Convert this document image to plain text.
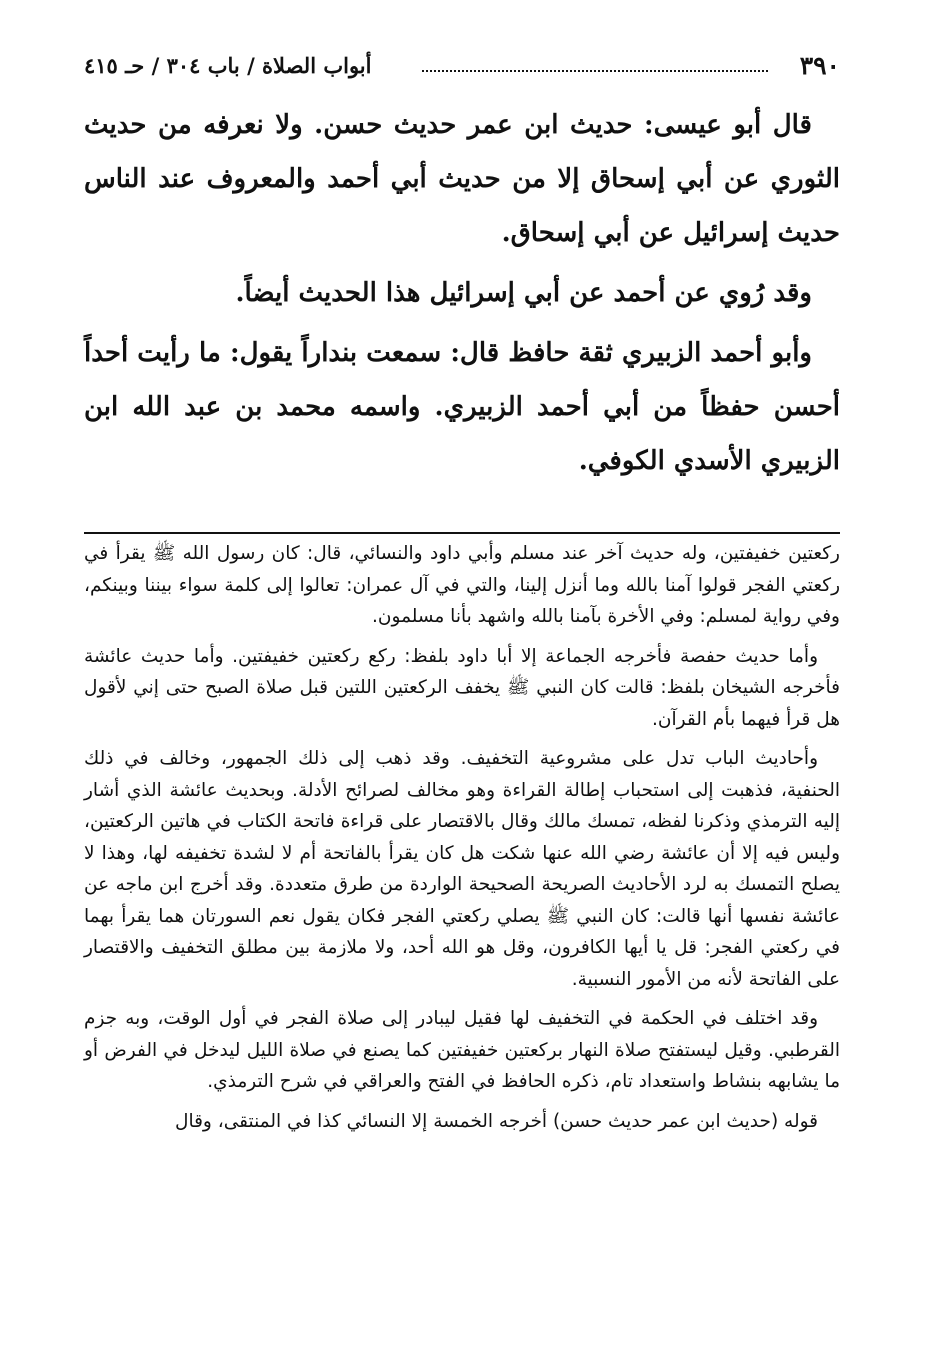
٣٩٠
أبواب الصلاة / باب ٣٠٤ / حـ ٤١٥

قال أبو عيسى: حديث ابن عمر حديث حسن. ولا نعرفه من حديث الثوري عن أبي إسحاق إلا من حديث أبي أحمد والمعروف عند الناس حديث إسرائيل عن أبي إسحاق.

وقد رُوي عن أحمد عن أبي إسرائيل هذا الحديث أيضاً.

وأبو أحمد الزبيري ثقة حافظ قال: سمعت بنداراً يقول: ما رأيت أحداً أحسن حفظاً من أبي أحمد الزبيري. واسمه محمد بن عبد الله ابن الزبيري الأسدي الكوفي.

ركعتين خفيفتين، وله حديث آخر عند مسلم وأبي داود والنسائي، قال: كان رسول الله ﷺ يقرأ في ركعتي الفجر قولوا آمنا بالله وما أنزل إلينا، والتي في آل عمران: تعالوا إلى كلمة سواء بيننا وبينكم، وفي رواية لمسلم: وفي الأخرة بآمنا بالله واشهد بأنا مسلمون.

وأما حديث حفصة فأخرجه الجماعة إلا أبا داود بلفظ: ركع ركعتين خفيفتين. وأما حديث عائشة فأخرجه الشيخان بلفظ: قالت كان النبي ﷺ يخفف الركعتين اللتين قبل صلاة الصبح حتى إني لأقول هل قرأ فيهما بأم القرآن.

وأحاديث الباب تدل على مشروعية التخفيف. وقد ذهب إلى ذلك الجمهور، وخالف في ذلك الحنفية، فذهبت إلى استحباب إطالة القراءة وهو مخالف لصرائح الأدلة. وبحديث عائشة الذي أشار إليه الترمذي وذكرنا لفظه، تمسك مالك وقال بالاقتصار على قراءة فاتحة الكتاب في هاتين الركعتين، وليس فيه إلا أن عائشة رضي الله عنها شكت هل كان يقرأ بالفاتحة أم لا لشدة تخفيفه لها، وهذا لا يصلح التمسك به لرد الأحاديث الصريحة الصحيحة الواردة من طرق متعددة. وقد أخرج ابن ماجه عن عائشة نفسها أنها قالت: كان النبي ﷺ يصلي ركعتي الفجر فكان يقول نعم السورتان هما يقرأ بهما في ركعتي الفجر: قل يا أيها الكافرون، وقل هو الله أحد، ولا ملازمة بين مطلق التخفيف والاقتصار على الفاتحة لأنه من الأمور النسبية.

وقد اختلف في الحكمة في التخفيف لها فقيل ليبادر إلى صلاة الفجر في أول الوقت، وبه جزم القرطبي. وقيل ليستفتح صلاة النهار بركعتين خفيفتين كما يصنع في صلاة الليل ليدخل في الفرض أو ما يشابهه بنشاط واستعداد تام، ذكره الحافظ في الفتح والعراقي في شرح الترمذي.

قوله (حديث ابن عمر حديث حسن) أخرجه الخمسة إلا النسائي كذا في المنتقى، وقال
